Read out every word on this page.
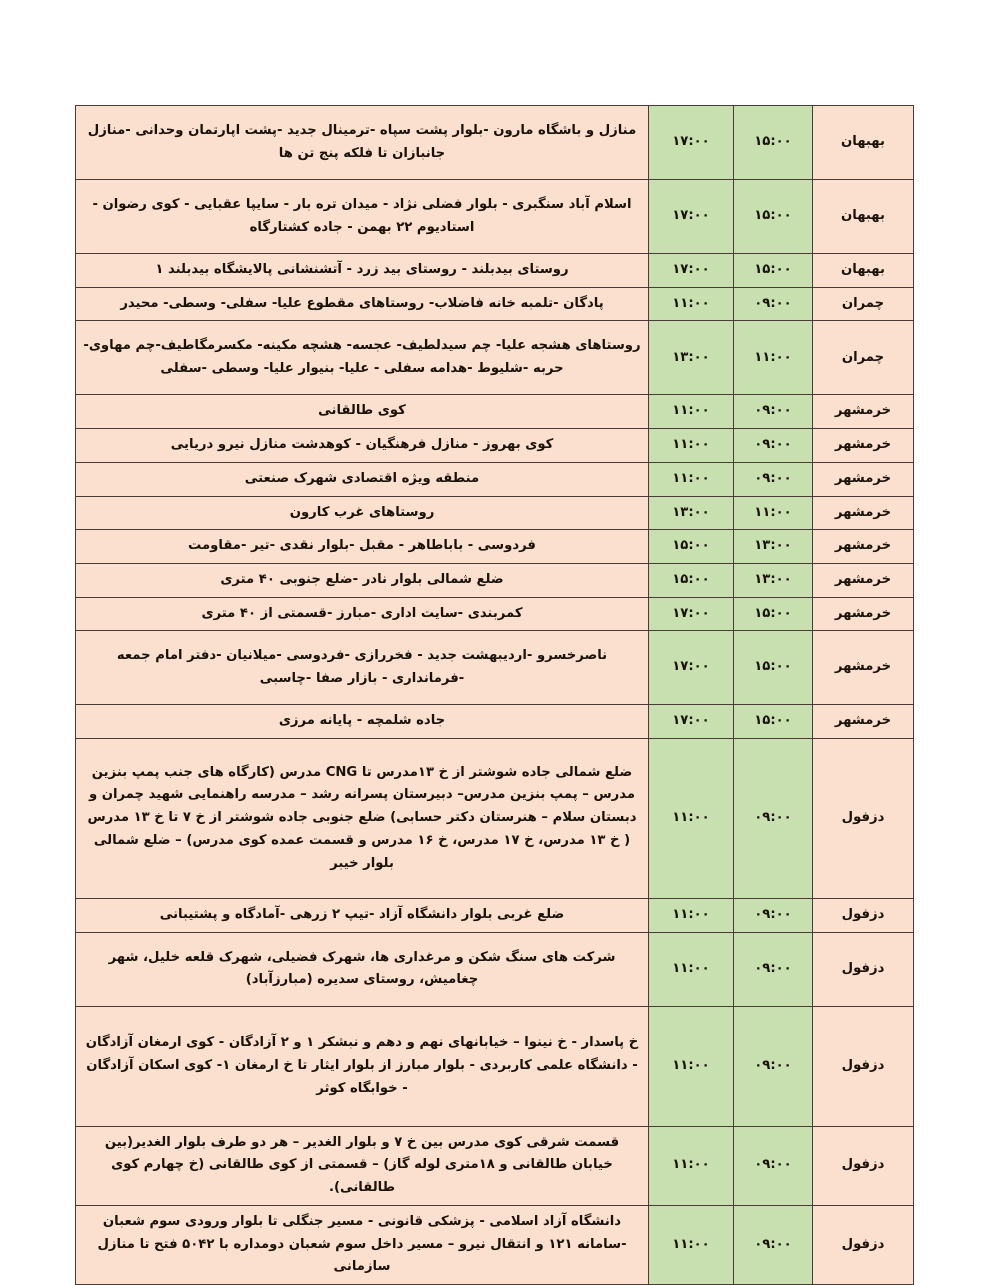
بهبهان	۱۵:۰۰	۱۷:۰۰	منازل و باشگاه مارون -بلوار پشت سپاه -ترمینال جدید -پشت اپارتمان وحدانی -منازل جانبازان تا فلکه پنج تن ها
بهبهان	۱۵:۰۰	۱۷:۰۰	اسلام آباد سنگبری - بلوار فضلی نژاد - میدان تره بار - سایپا عقبایی - کوی رضوان - استادیوم ۲۲ بهمن - جاده کشتارگاه
بهبهان	۱۵:۰۰	۱۷:۰۰	روستای بیدبلند - روستای بید زرد - آتشنشانی پالایشگاه بیدبلند ۱
چمران	۰۹:۰۰	۱۱:۰۰	پادگان -تلمبه خانه فاضلاب- روستاهای مقطوع علیا- سفلی- وسطی- محیدر
چمران	۱۱:۰۰	۱۳:۰۰	روستاهای هشجه علیا- چم سیدلطیف- عجسه- هشچه مکینه- مکسرمگاطیف-چم مهاوی- حربه -شلیوط -هدامه سفلی - علیا- بنیوار علیا- وسطی -سفلی
خرمشهر	۰۹:۰۰	۱۱:۰۰	کوی طالقانی
خرمشهر	۰۹:۰۰	۱۱:۰۰	کوی بهروز - منازل فرهنگیان - کوهدشت منازل نیرو دریایی
خرمشهر	۰۹:۰۰	۱۱:۰۰	منطقه ویژه اقتصادی شهرک صنعتی
خرمشهر	۱۱:۰۰	۱۳:۰۰	روستاهای غرب کارون
خرمشهر	۱۳:۰۰	۱۵:۰۰	فردوسی - باباطاهر - مقبل -بلوار نقدی -تیر -مقاومت
خرمشهر	۱۳:۰۰	۱۵:۰۰	ضلع شمالی بلوار نادر -ضلع جنوبی ۴۰ متری
خرمشهر	۱۵:۰۰	۱۷:۰۰	کمربندی -سایت اداری -مبارز -قسمتی از ۴۰ متری
خرمشهر	۱۵:۰۰	۱۷:۰۰	ناصرخسرو -اردیبهشت جدید - فخررازی -فردوسی -میلانیان -دفتر امام جمعه -فرمانداری - بازار صفا -چاسبی
خرمشهر	۱۵:۰۰	۱۷:۰۰	جاده شلمچه - پایانه مرزی
دزفول	۰۹:۰۰	۱۱:۰۰	ضلع شمالی جاده شوشتر از خ ۱۳مدرس تا CNG مدرس (کارگاه های جنب پمپ بنزین مدرس – پمپ بنزین مدرس– دبیرستان پسرانه رشد – مدرسه راهنمایی شهید چمران و دبستان سلام – هنرستان دکتر حسابی) ضلع جنوبی جاده شوشتر از خ ۷ تا خ ۱۳ مدرس ( خ ۱۳ مدرس، خ ۱۷ مدرس، خ ۱۶ مدرس و قسمت عمده کوی مدرس) – ضلع شمالی بلوار خیبر
دزفول	۰۹:۰۰	۱۱:۰۰	ضلع غربی بلوار دانشگاه آزاد -تیپ ۲ زرهی -آمادگاه و پشتیبانی
دزفول	۰۹:۰۰	۱۱:۰۰	شرکت های سنگ شکن و مرغداری ها، شهرک فضیلی، شهرک قلعه خلیل، شهر چغامیش، روستای سدیره (مبارزآباد)
دزفول	۰۹:۰۰	۱۱:۰۰	خ پاسدار - خ نینوا – خیابانهای نهم و دهم و نبشکر ۱ و ۲ آزادگان - کوی ارمغان آزادگان - دانشگاه علمی کاربردی - بلوار مبارز از بلوار ایثار تا خ ارمغان ۱- کوی اسکان آزادگان - خوابگاه کوثر
دزفول	۰۹:۰۰	۱۱:۰۰	قسمت شرقی کوی مدرس بین خ ۷ و بلوار الغدیر – هر دو طرف بلوار الغدیر(بین خیابان طالقانی و ۱۸متری لوله گاز) – قسمتی از کوی طالقانی (خ چهارم کوی طالقانی).
دزفول	۰۹:۰۰	۱۱:۰۰	دانشگاه آزاد اسلامی - پزشکی قانونی - مسیر جنگلی تا بلوار ورودی سوم شعبان -سامانه ۱۲۱ و انتقال نیرو – مسیر داخل سوم شعبان دومداره با ۵۰۴۲ فتح تا منازل سازمانی
